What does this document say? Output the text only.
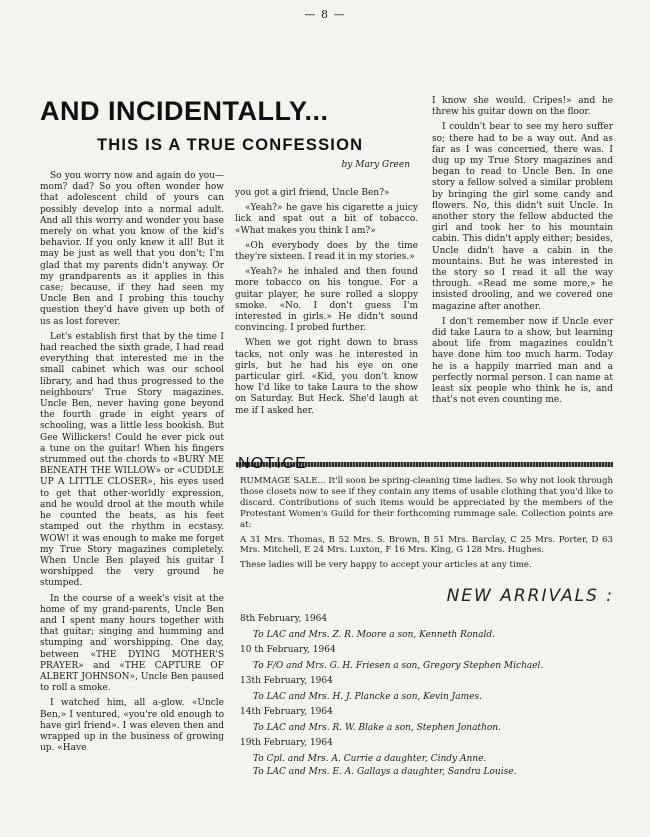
— 8 —
AND INCIDENTALLY...
THIS IS A TRUE CONFESSION
by Mary Green

So you worry now and again do you—mom? dad? So you often wonder how that adolescent child of yours can possibly develop into a normal adult. And all this worry and wonder you base merely on what you know of the kid's behavior. If you only knew it all! But it may be just as well that you don't; I'm glad that my parents didn't anyway. Or my grandparents as it applies in this case; because, if they had seen my Uncle Ben and I probing this touchy question they'd have given up both of us as lost forever.

Let's establish first that by the time I had reached the sixth grade, I had read everything that interested me in the small cabinet which was our school library, and had thus progressed to the neighbours' True Story magazines. Uncle Ben, never having gone beyond the fourth grade in eight years of schooling, was a little less bookish. But Gee Willickers! Could he ever pick out a tune on the guitar! When his fingers strummed out the chords to «BURY ME BENEATH THE WILLOW» or «CUDDLE UP A LITTLE CLOSER», his eyes used to get that other-worldly expression, and he would drool at the mouth while he counted the beats, as his feet stamped out the rhythm in ecstasy. WOW! it was enough to make me forget my True Story magazines completely. When Uncle Ben played his guitar I worshipped the very ground he stumped.

In the course of a week's visit at the home of my grand-parents, Uncle Ben and I spent many hours together with that guitar; singing and humming and stumping and worshipping. One day, between «THE DYING MOTHER'S PRAYER» and «THE CAPTURE OF ALBERT JOHNSON», Uncle Ben paused to roll a smoke.

I watched him, all a-glow. «Uncle Ben,» I ventured, «you're old enough to have girl friend». I was eleven then and wrapped up in the business of growing up. «Have

you got a girl friend, Uncle Ben?»

«Yeah?» he gave his cigarette a juicy lick and spat out a bit of tobacco. «What makes you think I am?»

«Oh everybody does by the time they're sixteen. I read it in my stories.»

«Yeah?» he inhaled and then found more tobacco on his tongue. For a guitar player, he sure rolled a sloppy smoke. «No. I don't guess I'm interested in girls.» He didn't sound convincing. I probed further.

When we got right down to brass tacks, not only was he interested in girls, but he had his eye on one particular girl. «Kid, you don't know how I'd like to take Laura to the show on Saturday. But Heck. She'd laugh at me if I asked her.

I know she would. Cripes!» and he threw his guitar down on the floor.

I couldn't bear to see my hero suffer so; there had to be a way out. And as far as I was concerned, there was. I dug up my True Story magazines and began to read to Uncle Ben. In one story a fellow solved a similar problem by bringing the girl some candy and flowers. No, this didn't suit Uncle. In another story the fellow abducted the girl and took her to his mountain cabin. This didn't apply either; besides, Uncle didn't have a cabin in the mountains. But he was interested in the story so I read it all the way through. «Read me some more,» he insisted drooling, and we covered one magazine after another.

I don't remember now if Uncle ever did take Laura to a show, but learning about life from magazines couldn't have done him too much harm. Today he is a happily married man and a perfectly normal person. I can name at least six people who think he is, and that's not even counting me.

NOTICE

RUMMAGE SALE... It'll soon be spring-cleaning time ladies. So why not look through those closets now to see if they contain any items of usable clothing that you'd like to discard. Contributions of such items would be appreciated by the members of the Protestant Women's Guild for their forthcoming rummage sale. Collection points are at:

A 31 Mrs. Thomas, B 52 Mrs. S. Brown, B 51 Mrs. Barclay, C 25 Mrs. Porter, D 63 Mrs. Mitchell, E 24 Mrs. Luxton, F 16 Mrs. King, G 128 Mrs. Hughes.

These ladies will be very happy to accept your articles at any time.

NEW ARRIVALS :
8th February, 1964
To LAC and Mrs. Z. R. Moore a son, Kenneth Ronald.
10 th February, 1964
To F/O and Mrs. G. H. Friesen a son, Gregory Stephen Michael.
13th February, 1964
To LAC and Mrs. H. J. Plancke a son, Kevin James.
14th February, 1964
To LAC and Mrs. R. W. Blake a son, Stephen Jonathon.
19th February, 1964
To Cpl. and Mrs. A. Currie a daughter, Cindy Anne.
To LAC and Mrs. E. A. Gallays a daughter, Sandra Louise.
